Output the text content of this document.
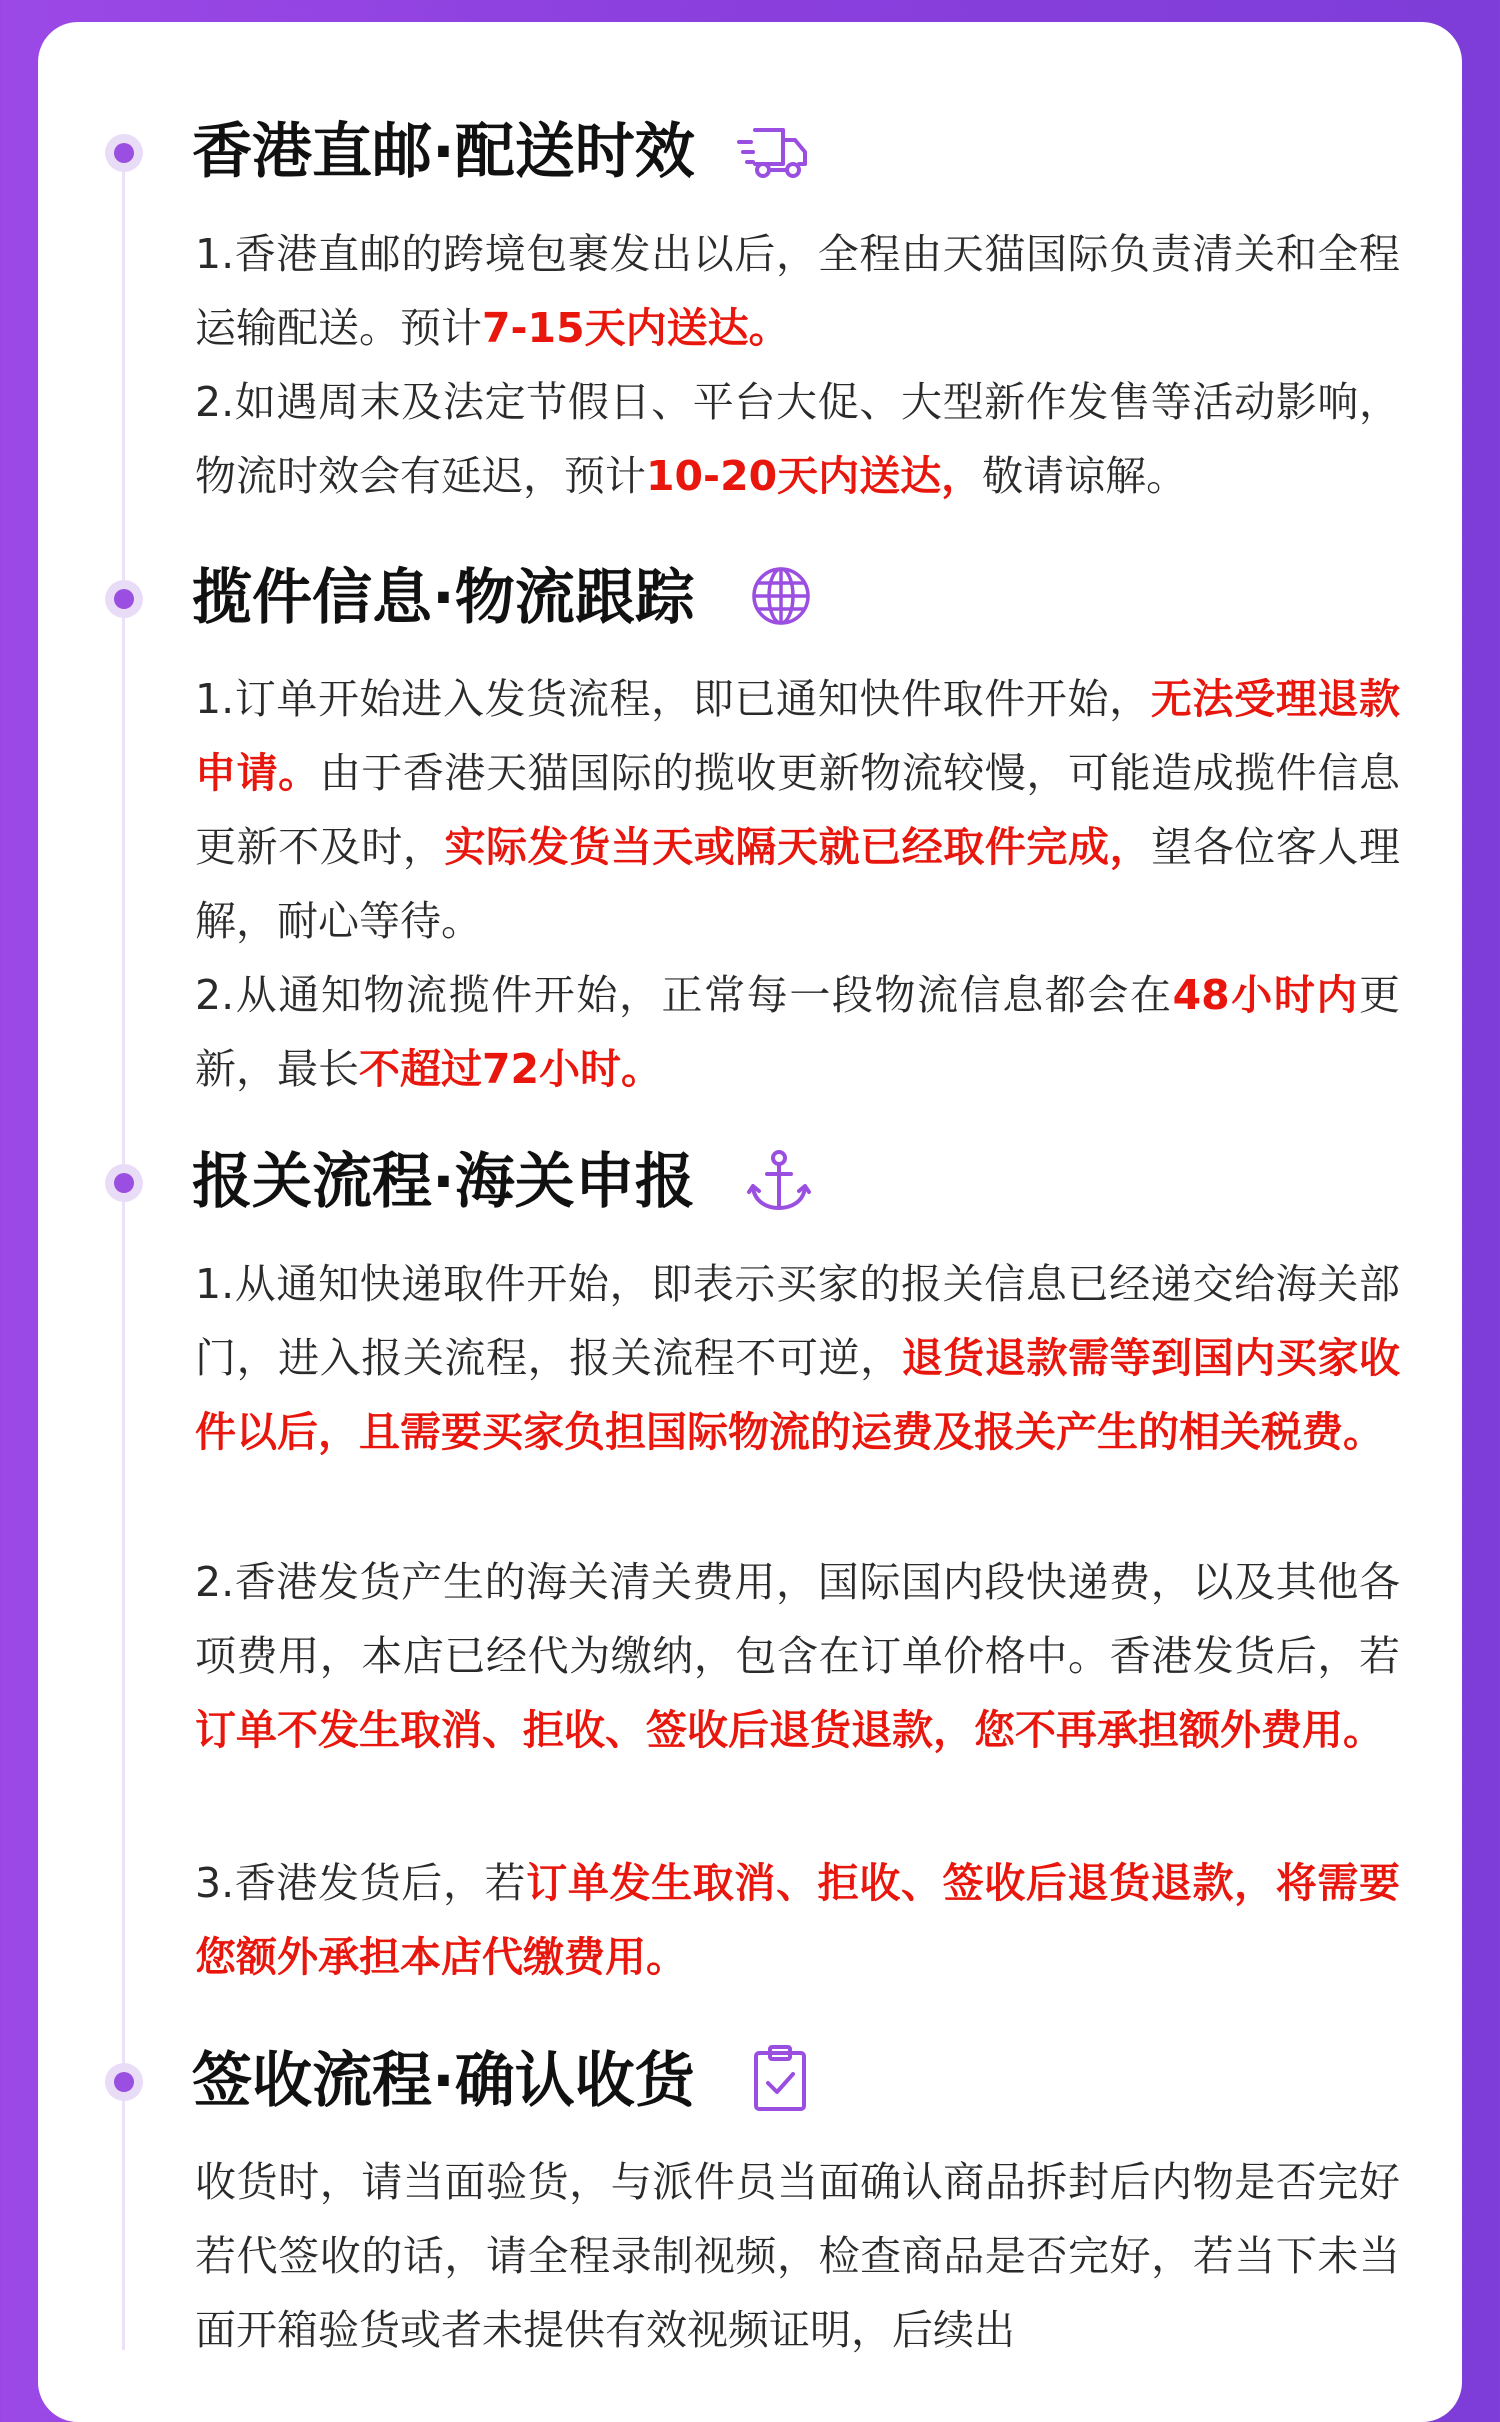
香港直邮·配送时效

1.香港直邮的跨境包裹发出以后，全程由天猫国际负责清关和全程运输配送。预计7-15天内送达。

2.如遇周末及法定节假日、平台大促、大型新作发售等活动影响，物流时效会有延迟，预计10-20天内送达，敬请谅解。

揽件信息·物流跟踪

1.订单开始进入发货流程，即已通知快件取件开始，无法受理退款申请。由于香港天猫国际的揽收更新物流较慢，可能造成揽件信息更新不及时，实际发货当天或隔天就已经取件完成，望各位客人理解，耐心等待。

2.从通知物流揽件开始，正常每一段物流信息都会在48小时内更新，最长不超过72小时。

报关流程·海关申报

1.从通知快递取件开始，即表示买家的报关信息已经递交给海关部门，进入报关流程，报关流程不可逆，退货退款需等到国内买家收件以后，且需要买家负担国际物流的运费及报关产生的相关税费。

2.香港发货产生的海关清关费用，国际国内段快递费，以及其他各项费用，本店已经代为缴纳，包含在订单价格中。香港发货后，若订单不发生取消、拒收、签收后退货退款，您不再承担额外费用。

3.香港发货后，若订单发生取消、拒收、签收后退货退款，将需要您额外承担本店代缴费用。

签收流程·确认收货

收货时，请当面验货，与派件员当面确认商品拆封后内物是否完好若代签收的话，请全程录制视频，检查商品是否完好，若当下未当面开箱验货或者未提供有效视频证明，后续出
